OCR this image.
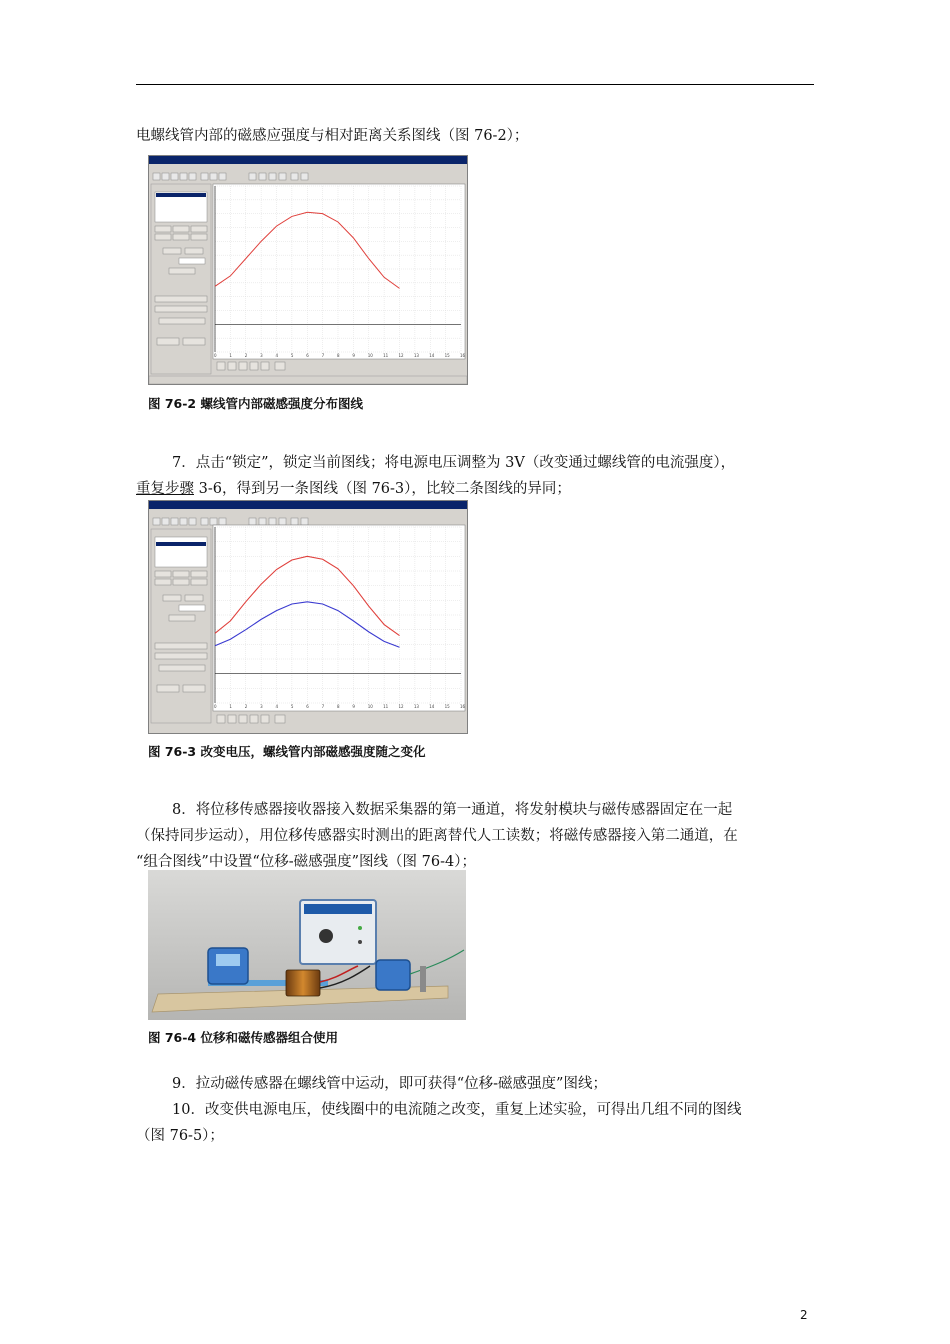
电螺线管内部的磁感应强度与相对距离关系图线（图 76-2）；

0	1	2	3	4	5	6	7	8	9	10	11	12	13	14	15	16

图 76-2 螺线管内部磁感强度分布图线

7．点击“锁定”，锁定当前图线；将电源电压调整为 3V（改变通过螺线管的电流强度），

重复步骤 3-6，得到另一条图线（图 76-3），比较二条图线的异同；

0	1	2	3	4	5	6	7	8	9	10	11	12	13	14	15	16

图 76-3 改变电压，螺线管内部磁感强度随之变化

8．将位移传感器接收器接入数据采集器的第一通道，将发射模块与磁传感器固定在一起

（保持同步运动），用位移传感器实时测出的距离替代人工读数；将磁传感器接入第二通道，在

“组合图线”中设置“位移-磁感强度”图线（图 76-4）；

图 76-4 位移和磁传感器组合使用

9．拉动磁传感器在螺线管中运动，即可获得“位移-磁感强度”图线；

10．改变供电源电压，使线圈中的电流随之改变，重复上述实验，可得出几组不同的图线

（图 76-5）；

2
